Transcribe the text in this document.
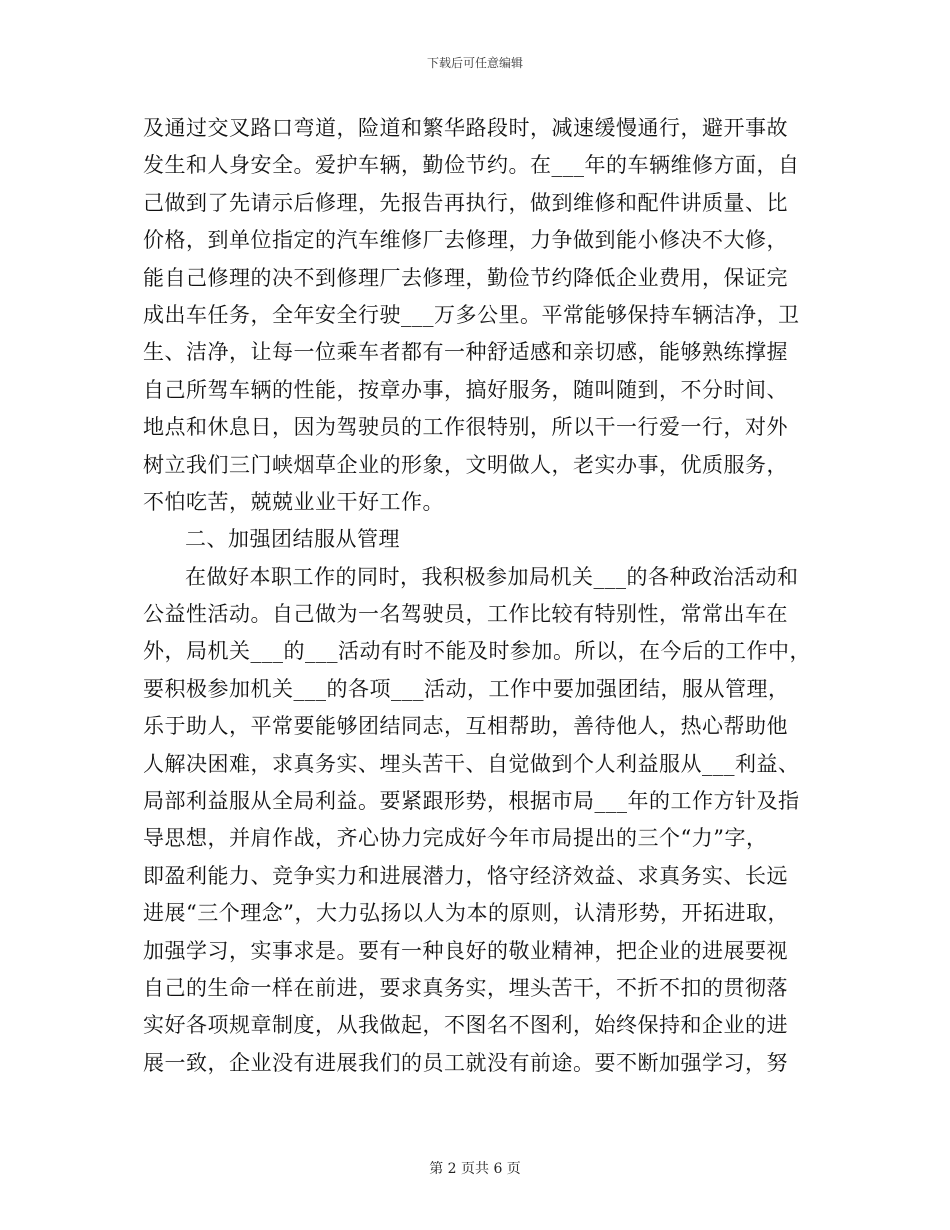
下载后可任意编辑
及通过交叉路口弯道，险道和繁华路段时，减速缓慢通行，避开事故
发生和人身安全。爱护车辆，勤俭节约。在___年的车辆维修方面，自
己做到了先请示后修理，先报告再执行，做到维修和配件讲质量、比
价格，到单位指定的汽车维修厂去修理，力争做到能小修决不大修，
能自己修理的决不到修理厂去修理，勤俭节约降低企业费用，保证完
成出车任务，全年安全行驶___万多公里。平常能够保持车辆洁净，卫
生、洁净，让每一位乘车者都有一种舒适感和亲切感，能够熟练撑握
自己所驾车辆的性能，按章办事，搞好服务，随叫随到，不分时间、
地点和休息日，因为驾驶员的工作很特别，所以干一行爱一行，对外
树立我们三门峡烟草企业的形象，文明做人，老实办事，优质服务，
不怕吃苦，兢兢业业干好工作。
二、加强团结服从管理
在做好本职工作的同时，我积极参加局机关___的各种政治活动和
公益性活动。自己做为一名驾驶员，工作比较有特别性，常常出车在
外，局机关___的___活动有时不能及时参加。所以，在今后的工作中，
要积极参加机关___的各项___活动，工作中要加强团结，服从管理，
乐于助人，平常要能够团结同志，互相帮助，善待他人，热心帮助他
人解决困难，求真务实、埋头苦干、自觉做到个人利益服从___利益、
局部利益服从全局利益。要紧跟形势，根据市局___年的工作方针及指
导思想，并肩作战，齐心协力完成好今年市局提出的三个“力”字，
即盈利能力、竞争实力和进展潜力，恪守经济效益、求真务实、长远
进展“三个理念”，大力弘扬以人为本的原则，认清形势，开拓进取，
加强学习，实事求是。要有一种良好的敬业精神，把企业的进展要视
自己的生命一样在前进，要求真务实，埋头苦干，不折不扣的贯彻落
实好各项规章制度，从我做起，不图名不图利，始终保持和企业的进
展一致，企业没有进展我们的员工就没有前途。要不断加强学习，努
第 2 页共 6 页
